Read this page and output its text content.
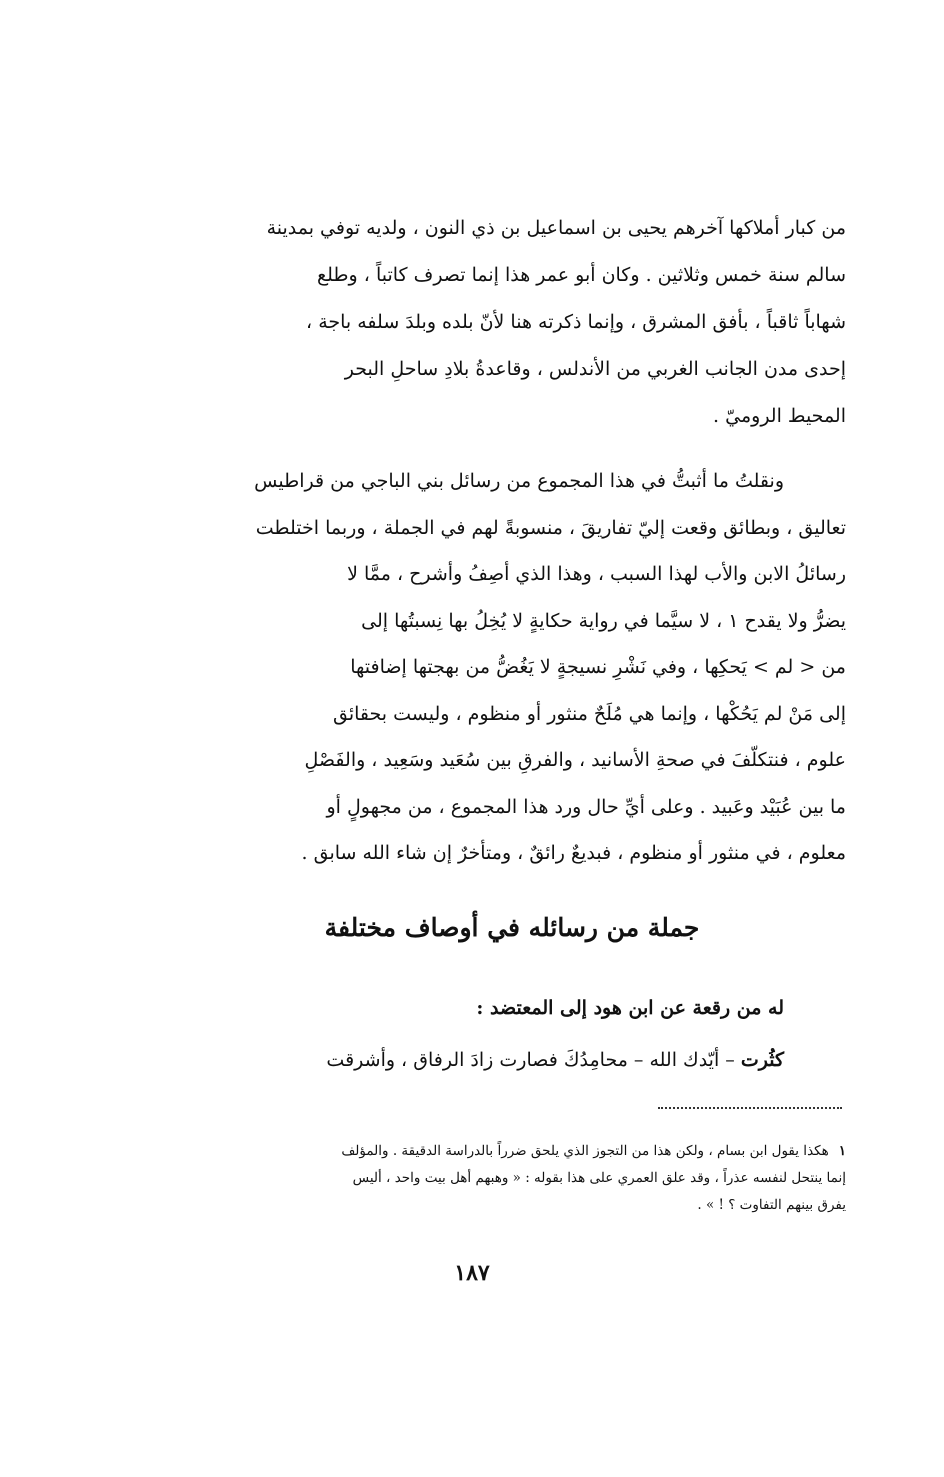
من كبار أملاكها آخرهم يحيى بن اسماعيل بن ذي النون ، ولديه توفي بمدينة
سالم سنة خمس وثلاثين . وكان أبو عمر هذا إنما تصرف كاتباً ، وطلع
شهاباً ثاقباً ، بأفق المشرق ، وإنما ذكرته هنا لأنّ بلده وبلدَ سلفه باجة ،
إحدى مدن الجانب الغربي من الأندلس ، وقاعدةُ بلادِ ساحلِ البحر
المحيط الروميّ .
ونقلتُ ما أثبتُّ في هذا المجموع من رسائل بني الباجي من قراطيس
تعاليق ، وبطائق وقعت إليّ تفاريقَ ، منسوبةً لهم في الجملة ، وربما اختلطت
رسائلُ الابن والأب لهذا السبب ، وهذا الذي أصِفُ وأشرح ، ممَّا لا
يضرُّ ولا يقدح ١ ، لا سيَّما في رواية حكايةٍ لا يُخِلُ بها نِسبتُها إلى
من < لم > يَحكِها ، وفي نَشْرِ نسيجةٍ لا يَغُضُّ من بهجتها إضافتها
إلى مَنْ لم يَحُكْها ، وإنما هي مُلَحٌ منثور أو منظوم ، وليست بحقائق
علوم ، فنتكلّفَ في صحةِ الأسانيد ، والفرقِ بين سُعَيد وسَعِيد ، والفَصْلِ
ما بين عُبَيْد وعَبيد . وعلى أيِّ حال ورد هذا المجموع ، من مجهولٍ أو
معلوم ، في منثور أو منظوم ، فبديعٌ رائقٌ ، ومتأخرٌ إن شاء الله سابق .
جملة من رسائله في أوصاف مختلفة
له من رقعة عن ابن هود إلى المعتضد :
كثُرت – أيّدك الله – محامِدُكَ فصارت زادَ الرفاق ، وأشرقت
١هكذا يقول ابن بسام ، ولكن هذا من التجوز الذي يلحق ضرراً بالدراسة الدقيقة . والمؤلف
إنما ينتحل لنفسه عذراً ، وقد علق العمري على هذا بقوله : « وهبهم أهل بيت واحد ، أليس
يفرق بينهم التفاوت ؟ ! » .
١٨٧
